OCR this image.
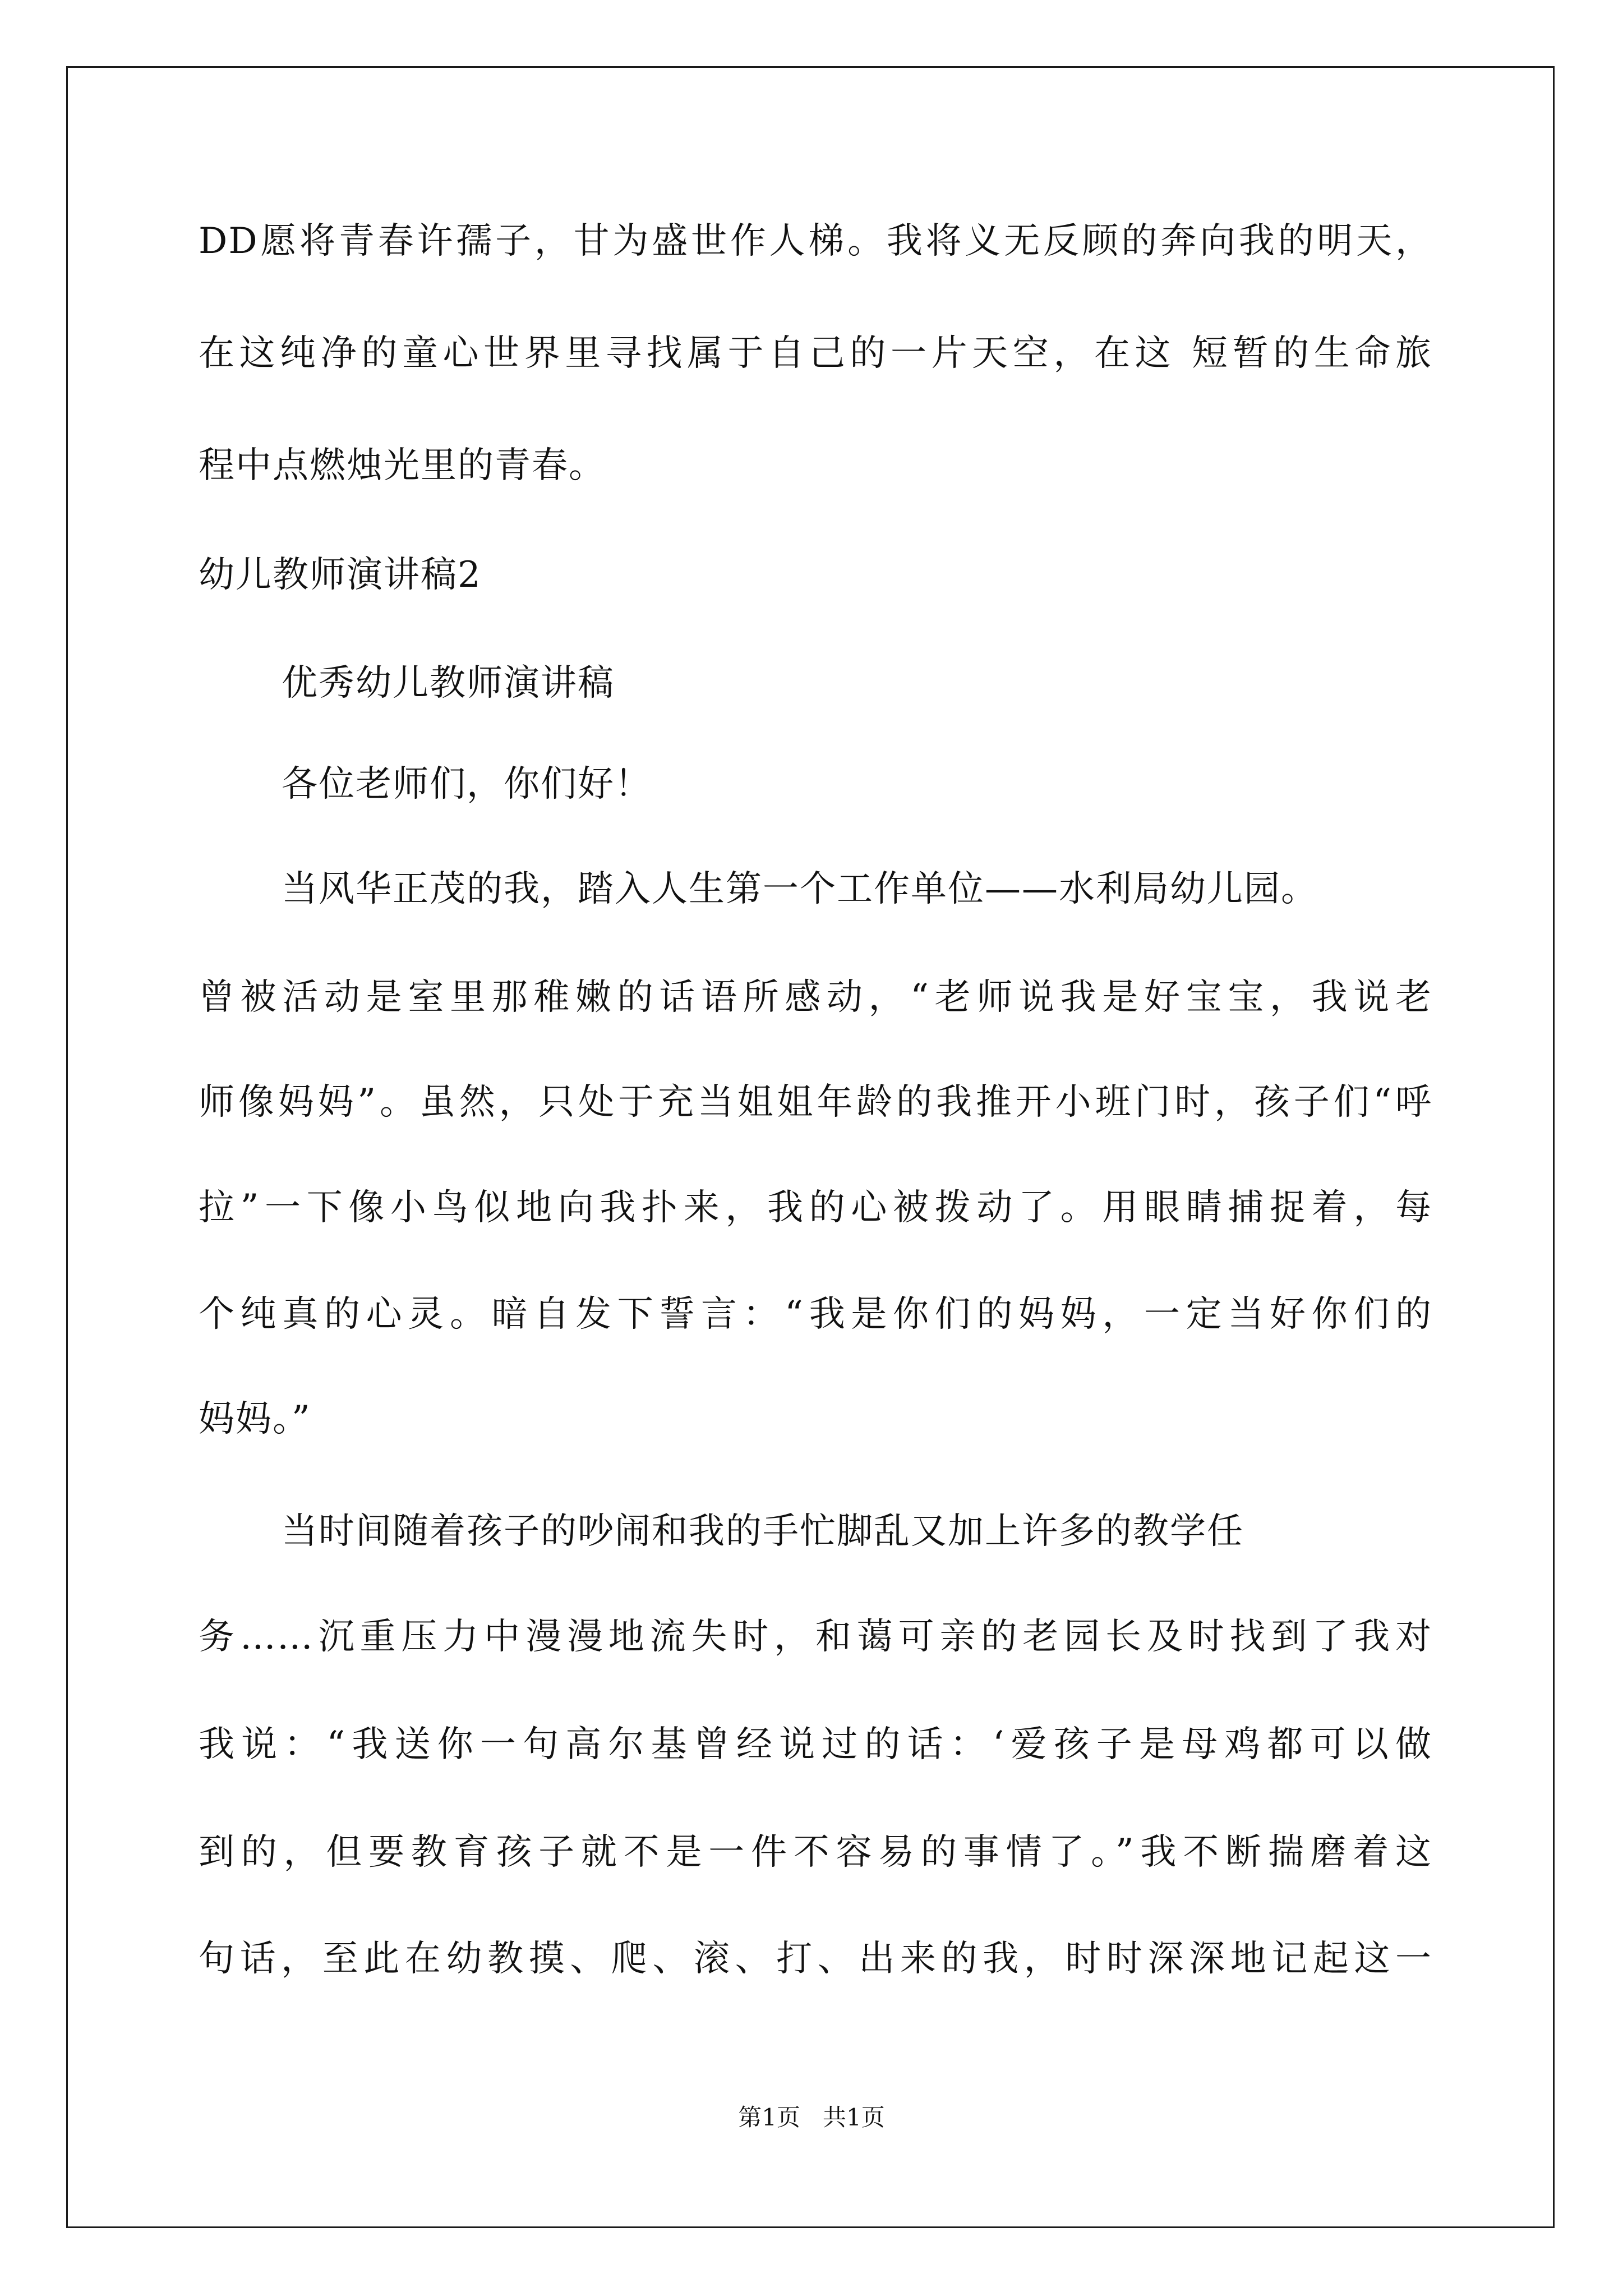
DD愿将青春许孺子，甘为盛世作人梯。我将义无反顾的奔向我的明天，
在这纯净的童心世界里寻找属于自己的一片天空，在这 短暂的生命旅
程中点燃烛光里的青春。
幼儿教师演讲稿2
优秀幼儿教师演讲稿
各位老师们，你们好！
当风华正茂的我，踏入人生第一个工作单位——水利局幼儿园。
曾被活动是室里那稚嫩的话语所感动，“老师说我是好宝宝，我说老
师像妈妈”。虽然，只处于充当姐姐年龄的我推开小班门时，孩子们“呼
拉”一下像小鸟似地向我扑来，我的心被拨动了。用眼睛捕捉着，每
个纯真的心灵。暗自发下誓言：“我是你们的妈妈，一定当好你们的
妈妈。”
当时间随着孩子的吵闹和我的手忙脚乱又加上许多的教学任
务……沉重压力中漫漫地流失时，和蔼可亲的老园长及时找到了我对
我说：“我送你一句高尔基曾经说过的话：‘爱孩子是母鸡都可以做
到的，但要教育孩子就不是一件不容易的事情了。”我不断揣磨着这
句话，至此在幼教摸、爬、滚、打、出来的我，时时深深地记起这一
第1页   共1页
